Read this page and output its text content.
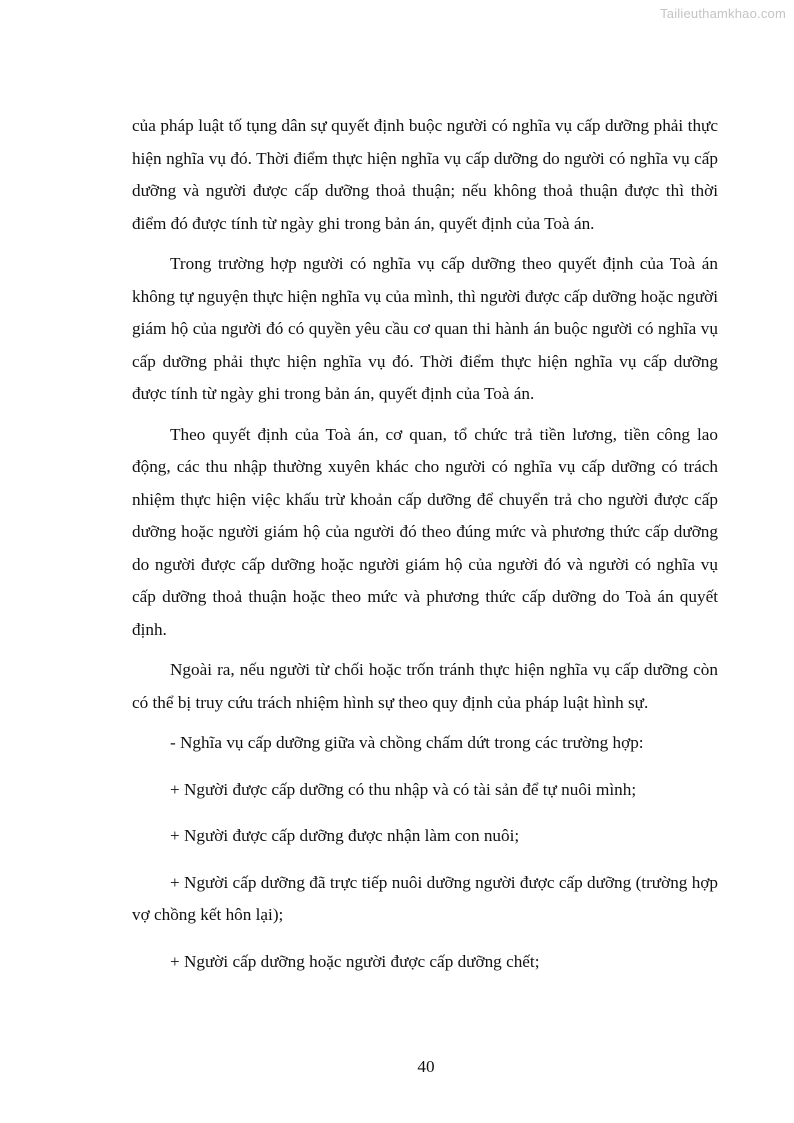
Tailieuthamkhao.com

của pháp luật tố tụng dân sự quyết định buộc người có nghĩa vụ cấp dưỡng phải thực hiện nghĩa vụ đó. Thời điểm thực hiện nghĩa vụ cấp dưỡng do người có nghĩa vụ cấp dưỡng và người được cấp dưỡng thoả thuận; nếu không thoả thuận được thì thời điểm đó được tính từ ngày ghi trong bản án, quyết định của Toà án.

Trong trường hợp người có nghĩa vụ cấp dưỡng theo quyết định của Toà án không tự nguyện thực hiện nghĩa vụ của mình, thì người được cấp dưỡng hoặc người giám hộ của người đó có quyền yêu cầu cơ quan thi hành án buộc người có nghĩa vụ cấp dưỡng phải thực hiện nghĩa vụ đó. Thời điểm thực hiện nghĩa vụ cấp dưỡng được tính từ ngày ghi trong bản án, quyết định của Toà án.

Theo quyết định của Toà án, cơ quan, tổ chức trả tiền lương, tiền công lao động, các thu nhập thường xuyên khác cho người có nghĩa vụ cấp dưỡng có trách nhiệm thực hiện việc khấu trừ khoản cấp dưỡng để chuyển trả cho người được cấp dưỡng hoặc người giám hộ của người đó theo đúng mức và phương thức cấp dưỡng do người được cấp dưỡng hoặc người giám hộ của người đó và người có nghĩa vụ cấp dưỡng thoả thuận hoặc theo mức và phương thức cấp dưỡng do Toà án quyết định.

Ngoài ra, nếu người từ chối hoặc trốn tránh thực hiện nghĩa vụ cấp dưỡng còn có thể bị truy cứu trách nhiệm hình sự theo quy định của pháp luật hình sự.

- Nghĩa vụ cấp dưỡng giữa và chồng chấm dứt trong các trường hợp:

+ Người được cấp dưỡng có thu nhập và có tài sản để tự nuôi mình;

+ Người được cấp dưỡng được nhận làm con nuôi;

+ Người cấp dưỡng đã trực tiếp nuôi dưỡng người được cấp dưỡng (trường hợp vợ chồng kết hôn lại);

+ Người cấp dưỡng hoặc người được cấp dưỡng chết;

40
